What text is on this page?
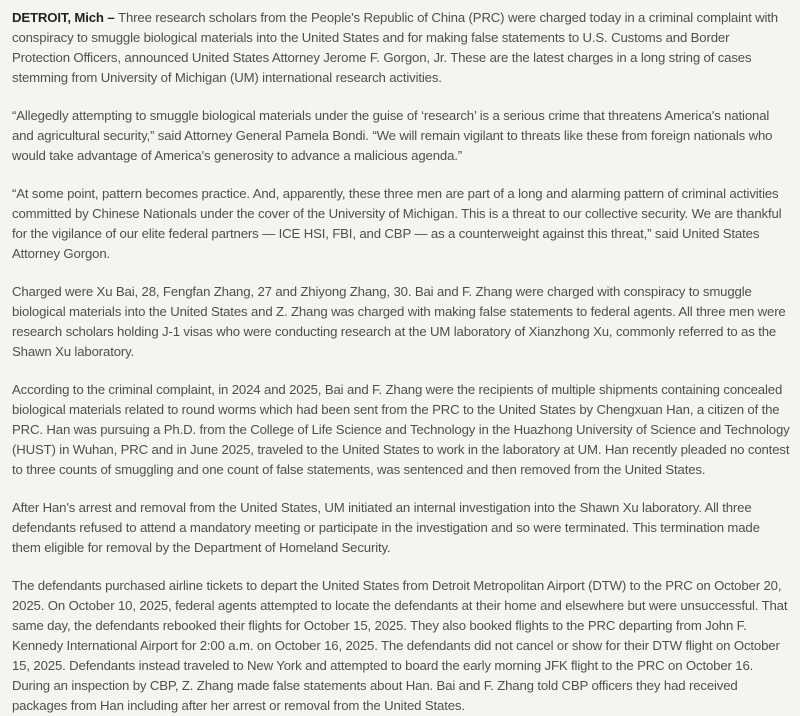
DETROIT, Mich – Three research scholars from the People's Republic of China (PRC) were charged today in a criminal complaint with conspiracy to smuggle biological materials into the United States and for making false statements to U.S. Customs and Border Protection Officers, announced United States Attorney Jerome F. Gorgon, Jr. These are the latest charges in a long string of cases stemming from University of Michigan (UM) international research activities.

“Allegedly attempting to smuggle biological materials under the guise of ‘research’ is a serious crime that threatens America's national and agricultural security,” said Attorney General Pamela Bondi. “We will remain vigilant to threats like these from foreign nationals who would take advantage of America's generosity to advance a malicious agenda.”

“At some point, pattern becomes practice. And, apparently, these three men are part of a long and alarming pattern of criminal activities committed by Chinese Nationals under the cover of the University of Michigan. This is a threat to our collective security. We are thankful for the vigilance of our elite federal partners — ICE HSI, FBI, and CBP — as a counterweight against this threat,” said United States Attorney Gorgon.

Charged were Xu Bai, 28, Fengfan Zhang, 27 and Zhiyong Zhang, 30. Bai and F. Zhang were charged with conspiracy to smuggle biological materials into the United States and Z. Zhang was charged with making false statements to federal agents. All three men were research scholars holding J-1 visas who were conducting research at the UM laboratory of Xianzhong Xu, commonly referred to as the Shawn Xu laboratory.

According to the criminal complaint, in 2024 and 2025, Bai and F. Zhang were the recipients of multiple shipments containing concealed biological materials related to round worms which had been sent from the PRC to the United States by Chengxuan Han, a citizen of the PRC. Han was pursuing a Ph.D. from the College of Life Science and Technology in the Huazhong University of Science and Technology (HUST) in Wuhan, PRC and in June 2025, traveled to the United States to work in the laboratory at UM. Han recently pleaded no contest to three counts of smuggling and one count of false statements, was sentenced and then removed from the United States.

After Han's arrest and removal from the United States, UM initiated an internal investigation into the Shawn Xu laboratory. All three defendants refused to attend a mandatory meeting or participate in the investigation and so were terminated. This termination made them eligible for removal by the Department of Homeland Security.

The defendants purchased airline tickets to depart the United States from Detroit Metropolitan Airport (DTW) to the PRC on October 20, 2025. On October 10, 2025, federal agents attempted to locate the defendants at their home and elsewhere but were unsuccessful. That same day, the defendants rebooked their flights for October 15, 2025. They also booked flights to the PRC departing from John F. Kennedy International Airport for 2:00 a.m. on October 16, 2025. The defendants did not cancel or show for their DTW flight on October 15, 2025. Defendants instead traveled to New York and attempted to board the early morning JFK flight to the PRC on October 16. During an inspection by CBP, Z. Zhang made false statements about Han. Bai and F. Zhang told CBP officers they had received packages from Han including after her arrest or removal from the United States.
